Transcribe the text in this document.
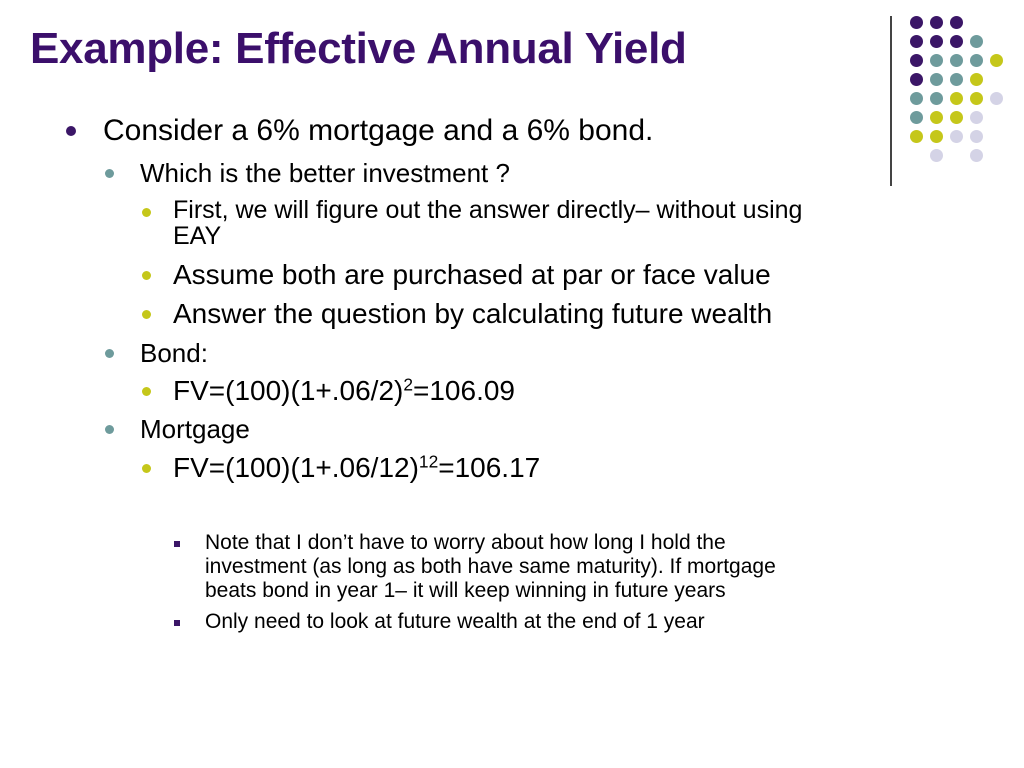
Example: Effective Annual Yield
Consider a 6% mortgage and a 6% bond.
Which is the better investment ?
First, we will figure out the answer directly– without using
EAY
Assume both are purchased at par or face value
Answer the question by calculating future wealth
Bond:
$FV=(100)(1+.06/2)^2=106.09$
Mortgage
$FV=(100)(1+.06/12)^{12}=106.17$
Note that I don’t have to worry about how long I hold the
investment (as long as both have same maturity). If mortgage
beats bond in year 1– it will keep winning in future years
Only need to look at future wealth at the end of 1 year
